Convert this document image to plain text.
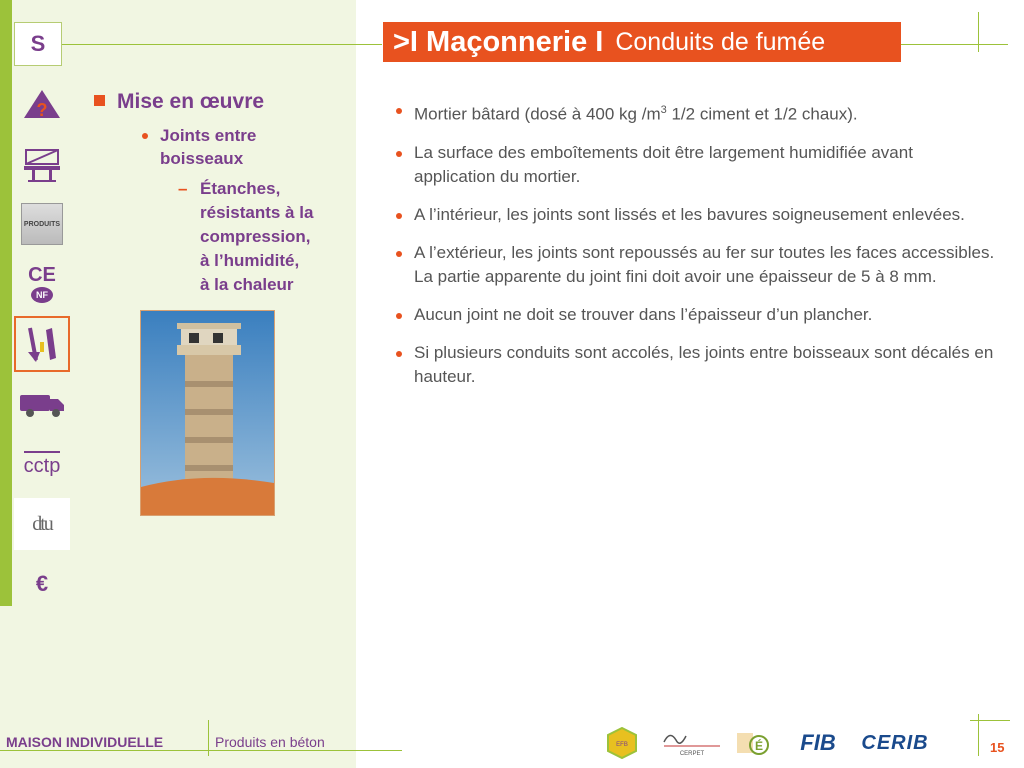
S
?
PRODUITS
CE
NF
cctp
dtu
€
>I Maçonnerie I Conduits de fumée
Mise en œuvre
Joints entre boisseaux
– Étanches,
résistants à la
compression,
à l’humidité,
à la chaleur
Mortier bâtard (dosé à 400 kg $/m^3$ 1/2 ciment et 1/2 chaux).
La surface des emboîtements doit être largement humidifiée avant application du mortier.
A l’intérieur, les joints sont lissés et les bavures soigneusement enlevées.
A l’extérieur, les joints sont repoussés au fer sur toutes les faces accessibles. La partie apparente du joint fini doit avoir une épaisseur de 5 à 8 mm.
Aucun joint ne doit se trouver dans l’épaisseur d’un plancher.
Si plusieurs conduits sont accolés, les joints entre boisseaux sont décalés en hauteur.
MAISON INDIVIDUELLE	Produits en béton	EFB
CERPET
É FIB CERIB	15
